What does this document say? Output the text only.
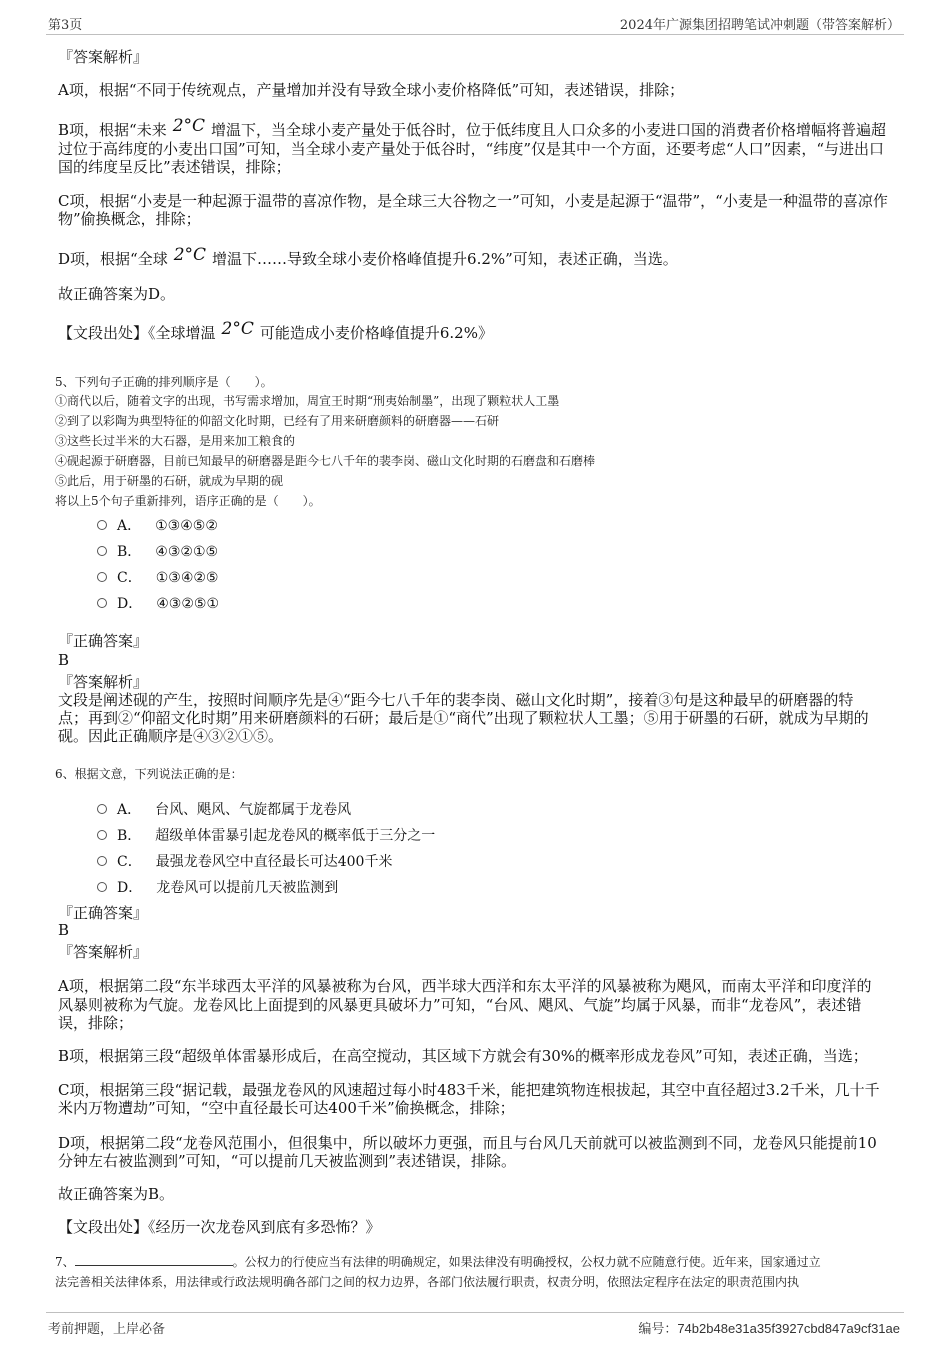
第3页	2024年广源集团招聘笔试冲刺题（带答案解析）
『答案解析』
A项，根据“不同于传统观点，产量增加并没有导致全球小麦价格降低”可知，表述错误，排除；
B项，根据“未来 2°C 增温下，当全球小麦产量处于低谷时，位于低纬度且人口众多的小麦进口国的消费者价格增幅将普遍超
过位于高纬度的小麦出口国”可知，当全球小麦产量处于低谷时，“纬度”仅是其中一个方面，还要考虑“人口”因素，“与进出口
国的纬度呈反比”表述错误，排除；
C项，根据“小麦是一种起源于温带的喜凉作物，是全球三大谷物之一”可知，小麦是起源于“温带”，“小麦是一种温带的喜凉作
物”偷换概念，排除；
D项，根据“全球 2°C 增温下……导致全球小麦价格峰值提升6.2%”可知，表述正确，当选。
故正确答案为D。
【文段出处】《全球增温 2°C 可能造成小麦价格峰值提升6.2%》
5、下列句子正确的排列顺序是（　　）。
①商代以后，随着文字的出现，书写需求增加，周宣王时期“刑夷始制墨”，出现了颗粒状人工墨
②到了以彩陶为典型特征的仰韶文化时期，已经有了用来研磨颜料的研磨器——石研
③这些长过半米的大石器，是用来加工粮食的
④砚起源于研磨器，目前已知最早的研磨器是距今七八千年的裴李岗、磁山文化时期的石磨盘和石磨棒
⑤此后，用于研墨的石研，就成为早期的砚
将以上5个句子重新排列，语序正确的是（　　）。
A． ①③④⑤②
B． ④③②①⑤
C． ①③④②⑤
D． ④③②⑤①
『正确答案』
B
『答案解析』
文段是阐述砚的产生，按照时间顺序先是④“距今七八千年的裴李岗、磁山文化时期”，接着③句是这种最早的研磨器的特
点；再到②“仰韶文化时期”用来研磨颜料的石研；最后是①“商代”出现了颗粒状人工墨；⑤用于研墨的石研，就成为早期的
砚。因此正确顺序是④③②①⑤。
6、根据文意，下列说法正确的是：
A． 台风、飓风、气旋都属于龙卷风
B． 超级单体雷暴引起龙卷风的概率低于三分之一
C． 最强龙卷风空中直径最长可达400千米
D． 龙卷风可以提前几天被监测到
『正确答案』
B
『答案解析』
A项，根据第二段“东半球西太平洋的风暴被称为台风，西半球大西洋和东太平洋的风暴被称为飓风，而南太平洋和印度洋的
风暴则被称为气旋。龙卷风比上面提到的风暴更具破坏力”可知，“台风、飓风、气旋”均属于风暴，而非“龙卷风”，表述错
误，排除；
B项，根据第三段“超级单体雷暴形成后，在高空搅动，其区域下方就会有30%的概率形成龙卷风”可知，表述正确，当选；
C项，根据第三段“据记载，最强龙卷风的风速超过每小时483千米，能把建筑物连根拔起，其空中直径超过3.2千米，几十千
米内万物遭劫”可知，“空中直径最长可达400千米”偷换概念，排除；
D项，根据第二段“龙卷风范围小，但很集中，所以破坏力更强，而且与台风几天前就可以被监测到不同，龙卷风只能提前10
分钟左右被监测到”可知，“可以提前几天被监测到”表述错误，排除。
故正确答案为B。
【文段出处】《经历一次龙卷风到底有多恐怖？》
7、	。公权力的行使应当有法律的明确规定，如果法律没有明确授权，公权力就不应随意行使。近年来，国家通过立
法完善相关法律体系，用法律或行政法规明确各部门之间的权力边界，各部门依法履行职责，权责分明，依照法定程序在法定的职责范围内执
考前押题，上岸必备	编号：74b2b48e31a35f3927cbd847a9cf31ae
